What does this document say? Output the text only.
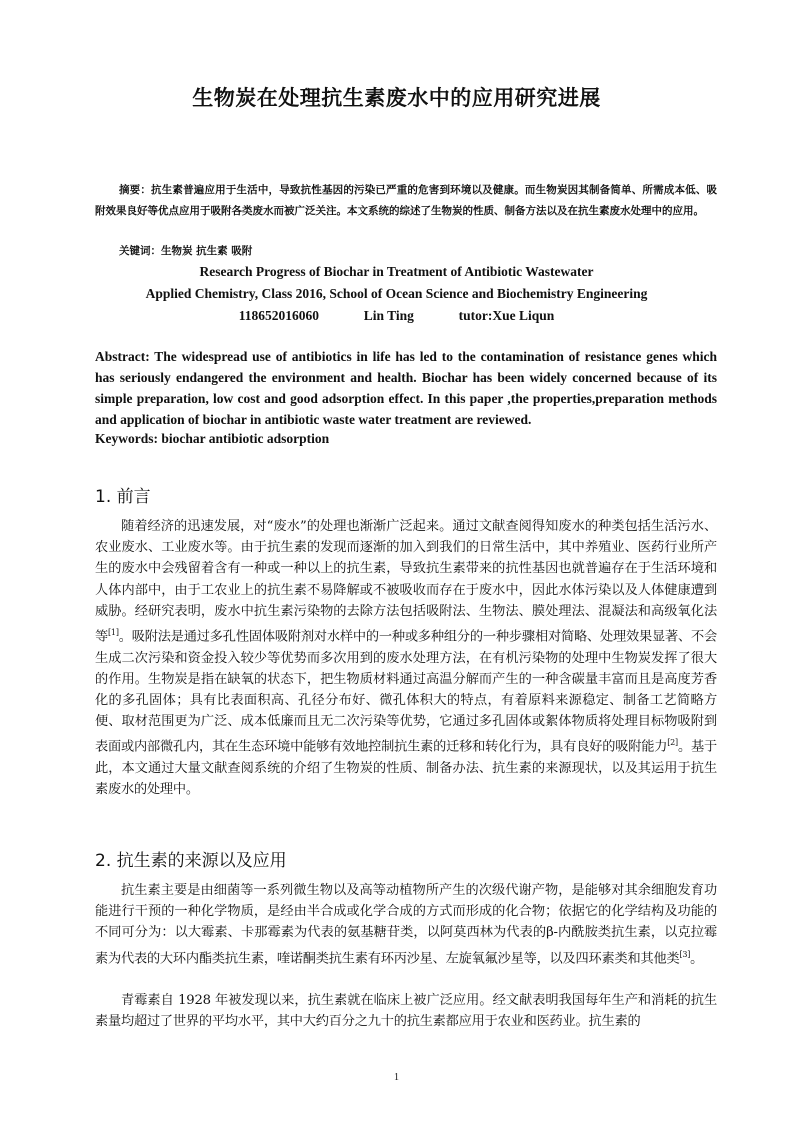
生物炭在处理抗生素废水中的应用研究进展
摘要：抗生素普遍应用于生活中，导致抗性基因的污染已严重的危害到环境以及健康。而生物炭因其制备简单、所需成本低、吸附效果良好等优点应用于吸附各类废水而被广泛关注。本文系统的综述了生物炭的性质、制备方法以及在抗生素废水处理中的应用。
关键词：生物炭 抗生素 吸附
Research Progress of Biochar in Treatment of Antibiotic Wastewater
Applied Chemistry, Class 2016, School of Ocean Science and Biochemistry Engineering
118652016060	Lin Ting	tutor:Xue Liqun
Abstract: The widespread use of antibiotics in life has led to the contamination of resistance genes which has seriously endangered the environment and health. Biochar has been widely concerned because of its simple preparation, low cost and good adsorption effect. In this paper ,the properties,preparation methods and application of biochar in antibiotic waste water treatment are reviewed.
Keywords: biochar antibiotic adsorption
1. 前言
随着经济的迅速发展，对“废水”的处理也渐渐广泛起来。通过文献查阅得知废水的种类包括生活污水、农业废水、工业废水等。由于抗生素的发现而逐渐的加入到我们的日常生活中，其中养殖业、医药行业所产生的废水中会残留着含有一种或一种以上的抗生素，导致抗生素带来的抗性基因也就普遍存在于生活环境和人体内部中，由于工农业上的抗生素不易降解或不被吸收而存在于废水中，因此水体污染以及人体健康遭到威胁。经研究表明，废水中抗生素污染物的去除方法包括吸附法、生物法、膜处理法、混凝法和高级氧化法等[1]。吸附法是通过多孔性固体吸附剂对水样中的一种或多种组分的一种步骤相对简略、处理效果显著、不会生成二次污染和资金投入较少等优势而多次用到的废水处理方法，在有机污染物的处理中生物炭发挥了很大的作用。生物炭是指在缺氧的状态下，把生物质材料通过高温分解而产生的一种含碳量丰富而且是高度芳香化的多孔固体；具有比表面积高、孔径分布好、微孔体积大的特点，有着原料来源稳定、制备工艺简略方便、取材范围更为广泛、成本低廉而且无二次污染等优势，它通过多孔固体或絮体物质将处理目标物吸附到表面或内部微孔内，其在生态环境中能够有效地控制抗生素的迁移和转化行为，具有良好的吸附能力[2]。基于此，本文通过大量文献查阅系统的介绍了生物炭的性质、制备办法、抗生素的来源现状，以及其运用于抗生素废水的处理中。
2. 抗生素的来源以及应用
抗生素主要是由细菌等一系列微生物以及高等动植物所产生的次级代谢产物，是能够对其余细胞发育功能进行干预的一种化学物质，是经由半合成或化学合成的方式而形成的化合物；依据它的化学结构及功能的不同可分为：以大霉素、卡那霉素为代表的氨基糖苷类，以阿莫西林为代表的β-内酰胺类抗生素，以克拉霉素为代表的大环内酯类抗生素，喹诺酮类抗生素有环丙沙星、左旋氧氟沙星等，以及四环素类和其他类[3]。
青霉素自 1928 年被发现以来，抗生素就在临床上被广泛应用。经文献表明我国每年生产和消耗的抗生素量均超过了世界的平均水平，其中大约百分之九十的抗生素都应用于农业和医药业。抗生素的
1
